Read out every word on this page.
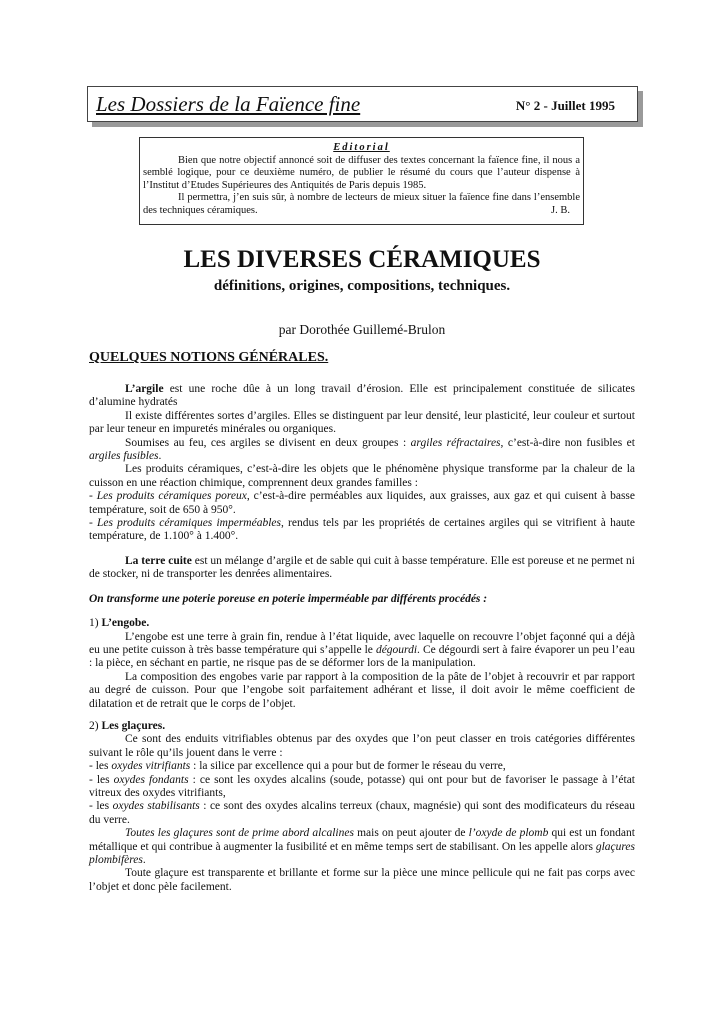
Les Dossiers de la Faïence fine	N° 2 - Juillet 1995
Editorial

Bien que notre objectif annoncé soit de diffuser des textes concernant la faïence fine, il nous a semblé logique, pour ce deuxième numéro, de publier le résumé du cours que l’auteur dispense à l’Institut d’Etudes Supérieures des Antiquités de Paris depuis 1985.

Il permettra, j’en suis sûr, à nombre de lecteurs de mieux situer la faïence fine dans l’ensemble des techniques céramiques.	J. B.

LES DIVERSES CÉRAMIQUES
définitions, origines, compositions, techniques.
par Dorothée Guillemé-Brulon
QUELQUES NOTIONS GÉNÉRALES.

L’argile est une roche dûe à un long travail d’érosion. Elle est principalement constituée de silicates d’alumine hydratés

Il existe différentes sortes d’argiles. Elles se distinguent par leur densité, leur plasticité, leur couleur et surtout par leur teneur en impuretés minérales ou organiques.

Soumises au feu, ces argiles se divisent en deux groupes : argiles réfractaires, c’est-à-dire non fusibles et argiles fusibles.

Les produits céramiques, c’est-à-dire les objets que le phénomène physique transforme par la chaleur de la cuisson en une réaction chimique, comprennent deux grandes familles :

- Les produits céramiques poreux, c’est-à-dire perméables aux liquides, aux graisses, aux gaz et qui cuisent à basse température, soit de 650 à 950°.

- Les produits céramiques imperméables, rendus tels par les propriétés de certaines argiles qui se vitrifient à haute température, de 1.100° à 1.400°.

La terre cuite est un mélange d’argile et de sable qui cuit à basse température. Elle est poreuse et ne permet ni de stocker, ni de transporter les denrées alimentaires.

On transforme une poterie poreuse en poterie imperméable par différents procédés :

1) L’engobe.

L’engobe est une terre à grain fin, rendue à l’état liquide, avec laquelle on recouvre l’objet façonné qui a déjà eu une petite cuisson à très basse température qui s’appelle le dégourdi. Ce dégourdi sert à faire évaporer un peu l’eau : la pièce, en séchant en partie, ne risque pas de se déformer lors de la manipulation.

La composition des engobes varie par rapport à la composition de la pâte de l’objet à recouvrir et par rapport au degré de cuisson. Pour que l’engobe soit parfaitement adhérant et lisse, il doit avoir le même coefficient de dilatation et de retrait que le corps de l’objet.

2) Les glaçures.

Ce sont des enduits vitrifiables obtenus par des oxydes que l’on peut classer en trois catégories différentes suivant le rôle qu’ils jouent dans le verre :

- les oxydes vitrifiants : la silice par excellence qui a pour but de former le réseau du verre,

- les oxydes fondants : ce sont les oxydes alcalins (soude, potasse) qui ont pour but de favoriser le passage à l’état vitreux des oxydes vitrifiants,

- les oxydes stabilisants : ce sont des oxydes alcalins terreux (chaux, magnésie) qui sont des modificateurs du réseau du verre.

Toutes les glaçures sont de prime abord alcalines mais on peut ajouter de l’oxyde de plomb qui est un fondant métallique et qui contribue à augmenter la fusibilité et en même temps sert de stabilisant. On les appelle alors glaçures plombifères.

Toute glaçure est transparente et brillante et forme sur la pièce une mince pellicule qui ne fait pas corps avec l’objet et donc pèle facilement.
